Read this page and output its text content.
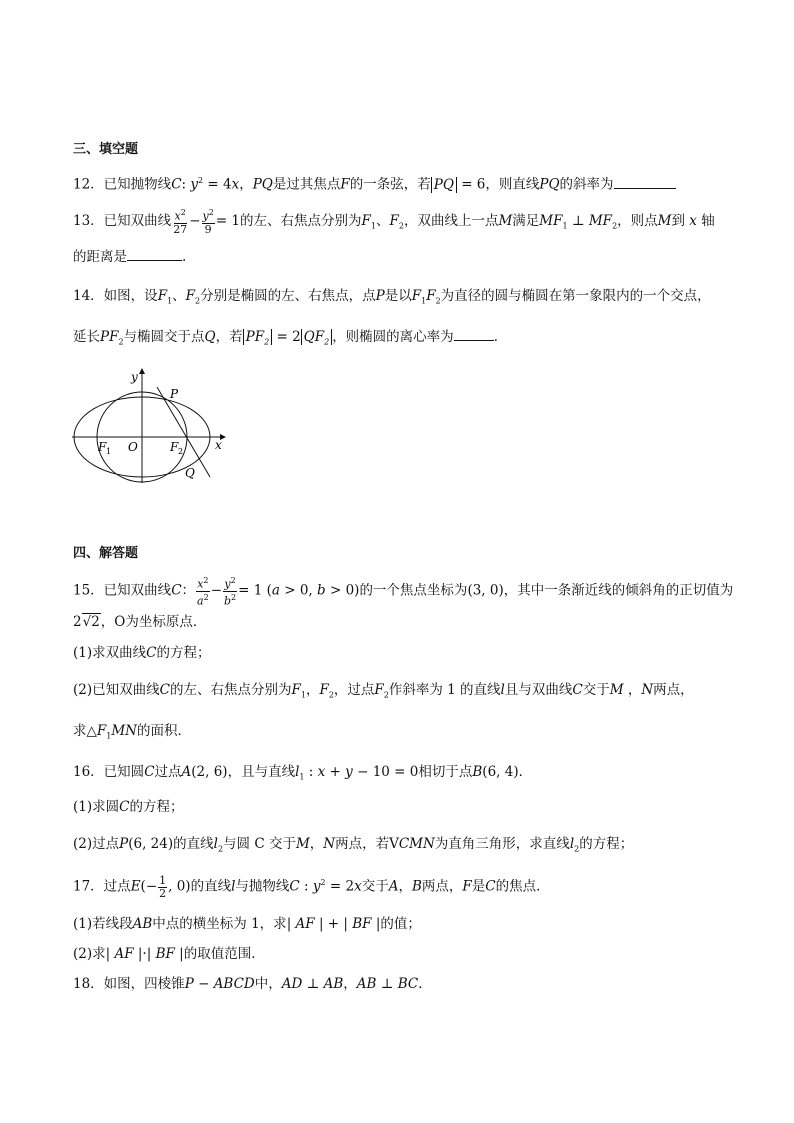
三、填空题
12．已知抛物线C: $y^2 = 4x$，PQ是过其焦点F的一条弦，若 PQ = 6，则直线PQ的斜率为
13．已知双曲线 $\frac{x^2}{27} - \frac{y^2}{9} = 1$的左、右焦点分别为$F_1$、$F_2$，双曲线上一点M满足$MF_1$ ⊥ $MF_2$，则点M到 x 轴
的距离是	.
14．如图，设$F_1$、$F_2$分别是椭圆的左、右焦点，点P是以$F_1F_2$为直径的圆与椭圆在第一象限内的一个交点，
延长$PF_2$与椭圆交于点Q，若 $PF_2 = 2$ $QF_2$ ，则椭圆的离心率为	．
y
x
P
F 1 O	F 2
Q
四、解答题
15．已知双曲线C： $\frac{x^2}{a^2} - \frac{y^2}{b^2} = 1$ (a > 0, b > 0)的一个焦点坐标为(3, 0)，其中一条渐近线的倾斜角的正切值为
2√2，O为坐标原点．
(1)求双曲线C的方程；
(2)已知双曲线C的左、右焦点分别为$F_1$，$F_2$，过点$F_2$作斜率为 1 的直线l且与双曲线C交于M ，N两点，
求$\triangle F_1MN$的面积．
16．已知圆C过点A(2, 6)，且与直线$l_1$ : x + y − 10 = 0相切于点B(6, 4)．
(1)求圆C的方程；
(2)过点P(6, 24)的直线$l_2$与圆 C 交于M，N两点，若VCMN为直角三角形，求直线$l_2$的方程；
17．过点$E(- \frac{1}{2}$ , 0)的直线l与抛物线C : $y^2 = 2x$交于A，B两点，F是C的焦点．
(1)若线段AB中点的横坐标为 1，求| AF | + | BF |的值；
(2)求| AF |·| BF |的取值范围．
18．如图，四棱锥P − ABCD中，AD ⊥ AB，AB ⊥ BC．
